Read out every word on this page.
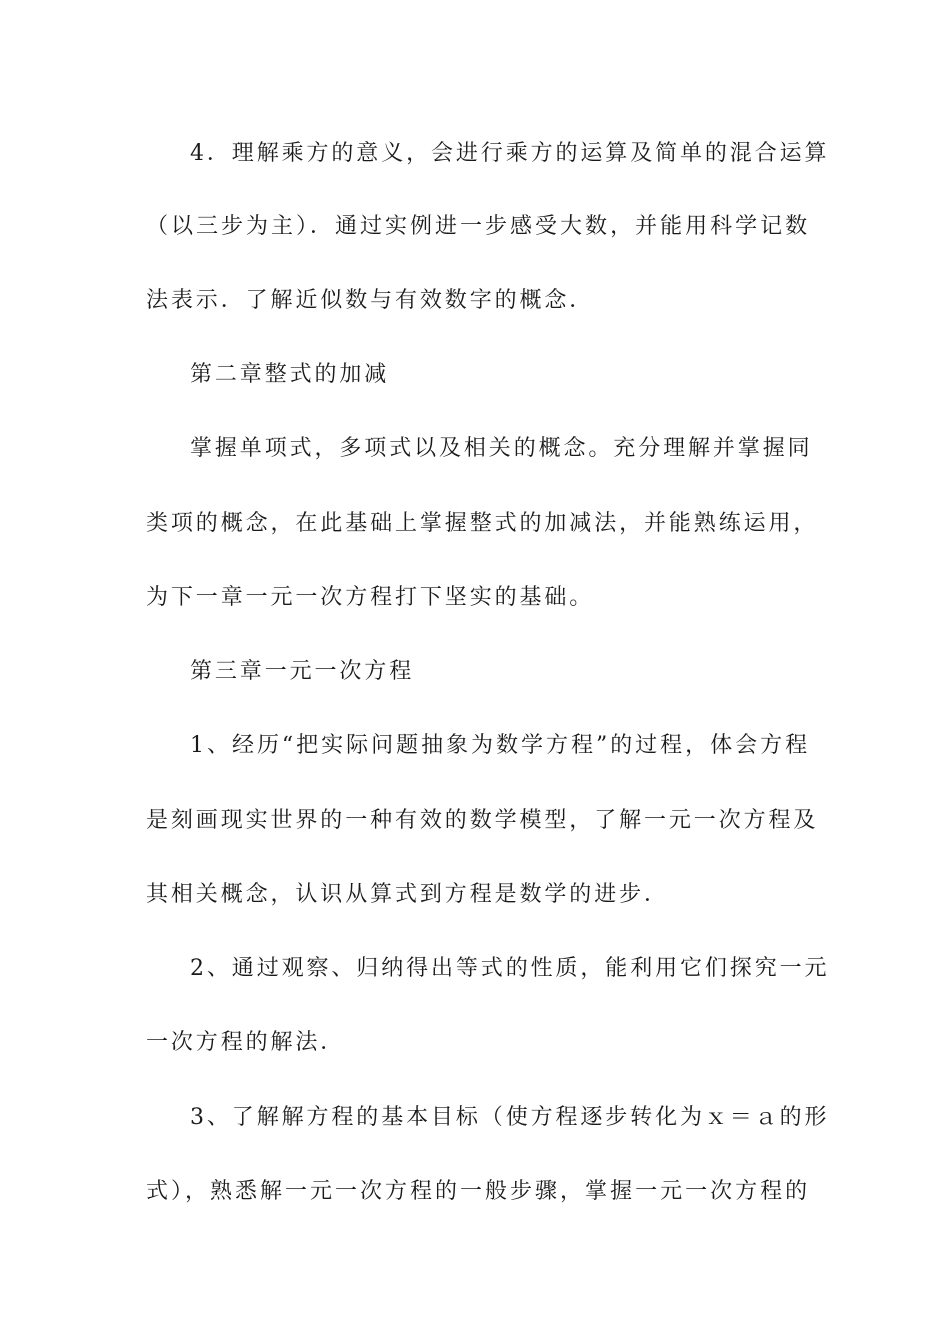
4．理解乘方的意义，会进行乘方的运算及简单的混合运算
（以三步为主）．通过实例进一步感受大数，并能用科学记数
法表示．了解近似数与有效数字的概念．
第二章整式的加减
掌握单项式，多项式以及相关的概念。充分理解并掌握同
类项的概念，在此基础上掌握整式的加减法，并能熟练运用，
为下一章一元一次方程打下坚实的基础。
第三章一元一次方程
1、经历“把实际问题抽象为数学方程”的过程，体会方程
是刻画现实世界的一种有效的数学模型，了解一元一次方程及
其相关概念，认识从算式到方程是数学的进步．
2、通过观察、归纳得出等式的性质，能利用它们探究一元
一次方程的解法．
3、了解解方程的基本目标（使方程逐步转化为ｘ＝ａ的形
式），熟悉解一元一次方程的一般步骤，掌握一元一次方程的
